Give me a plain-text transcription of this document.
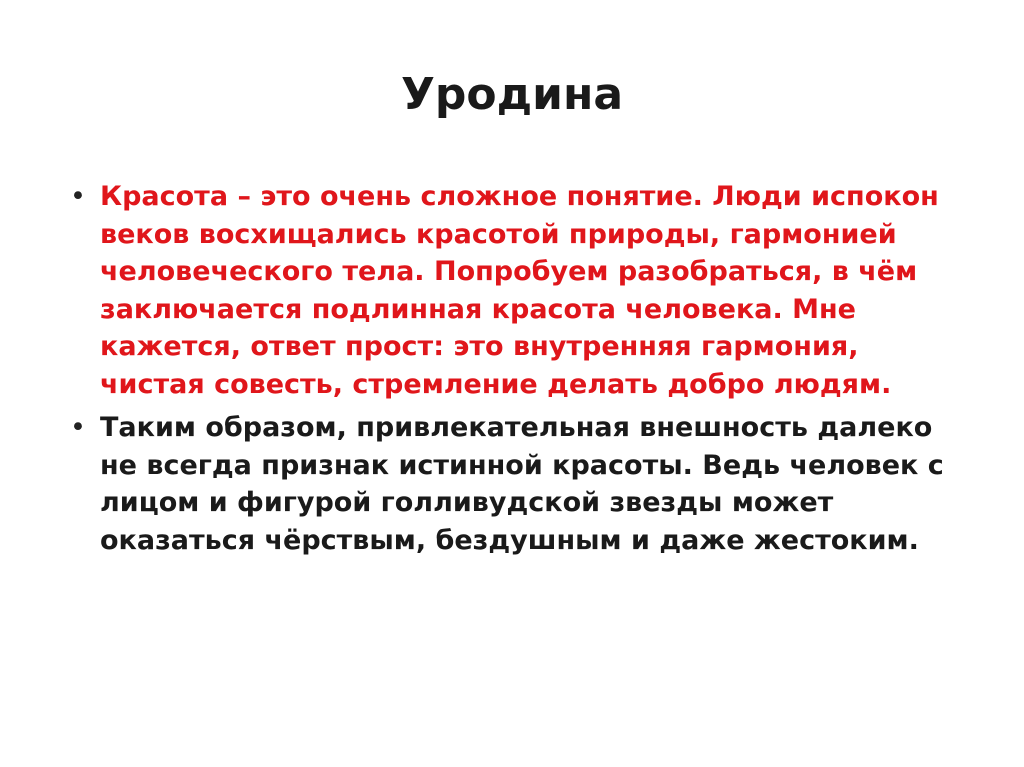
Уродина
• Красота – это очень сложное понятие. Люди испокон веков восхищались красотой природы, гармонией человеческого тела. Попробуем разобраться, в чём заключается подлинная красота человека. Мне кажется, ответ прост: это внутренняя гармония, чистая совесть, стремление делать добро людям.
• Таким образом, привлекательная внешность далеко не всегда признак истинной красоты. Ведь человек с лицом и фигурой голливудской звезды может оказаться чёрствым, бездушным и даже жестоким.
